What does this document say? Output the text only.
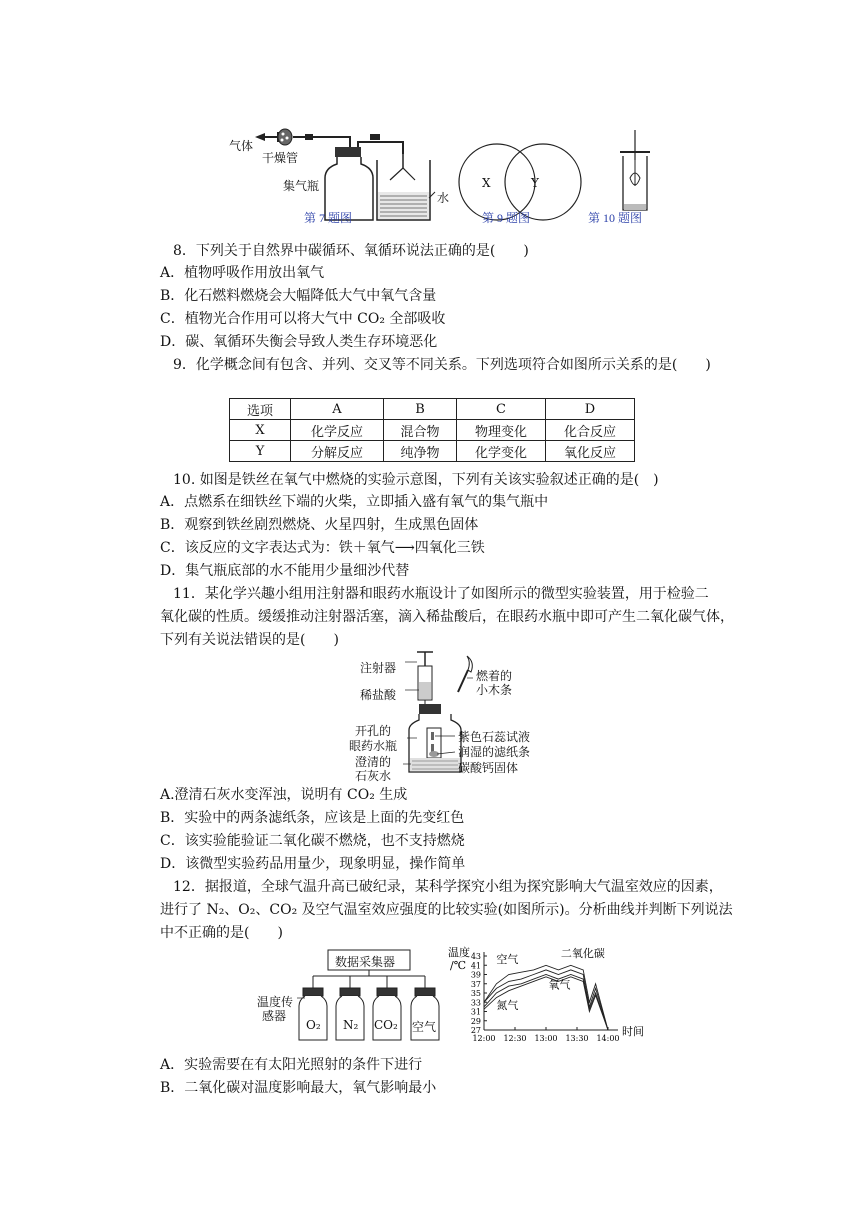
气体
干燥管
集气瓶
水
第 7 题图
X	Y
第 9 题图	第 10 题图
8．下列关于自然界中碳循环、氧循环说法正确的是(　　)
A．植物呼吸作用放出氧气
B．化石燃料燃烧会大幅降低大气中氧气含量
C．植物光合作用可以将大气中 CO₂ 全部吸收
D．碳、氧循环失衡会导致人类生存环境恶化
9．化学概念间有包含、并列、交叉等不同关系。下列选项符合如图所示关系的是(　　)
选项	A	B	C	D
X	化学反应	混合物	物理变化	化合反应
Y	分解反应	纯净物	化学变化	氧化反应
10. 如图是铁丝在氧气中燃烧的实验示意图，下列有关该实验叙述正确的是(　)
A．点燃系在细铁丝下端的火柴，立即插入盛有氧气的集气瓶中
B．观察到铁丝剧烈燃烧、火星四射，生成黑色固体
C．该反应的文字表达式为：铁＋氧气⟶四氧化三铁
D．集气瓶底部的水不能用少量细沙代替
11．某化学兴趣小组用注射器和眼药水瓶设计了如图所示的微型实验装置，用于检验二
氧化碳的性质。缓缓推动注射器活塞，滴入稀盐酸后，在眼药水瓶中即可产生二氧化碳气体，
下列有关说法错误的是(　　)
注射器
稀盐酸
开孔的
眼药水瓶
澄清的
石灰水
燃着的
小木条
紫色石蕊试液
润湿的滤纸条
碳酸钙固体
A.澄清石灰水变浑浊，说明有 CO₂ 生成
B．实验中的两条滤纸条，应该是上面的先变红色
C．该实验能验证二氧化碳不燃烧，也不支持燃烧
D．该微型实验药品用量少，现象明显，操作简单
12．据报道，全球气温升高已破纪录，某科学探究小组为探究影响大气温室效应的因素，
进行了 N₂、O₂、CO₂ 及空气温室效应强度的比较实验(如图所示)。分析曲线并判断下列说法
中不正确的是(　　)
数据采集器
温度传
感器
O₂ N₂ CO₂ 空气
温度
/℃
27
29
31
33
35
37
39
41
43
12:00 12:30 13:00 13:30 14:00
空气	二氧化碳
氧气
氮气
时间
A．实验需要在有太阳光照射的条件下进行
B．二氧化碳对温度影响最大，氧气影响最小
